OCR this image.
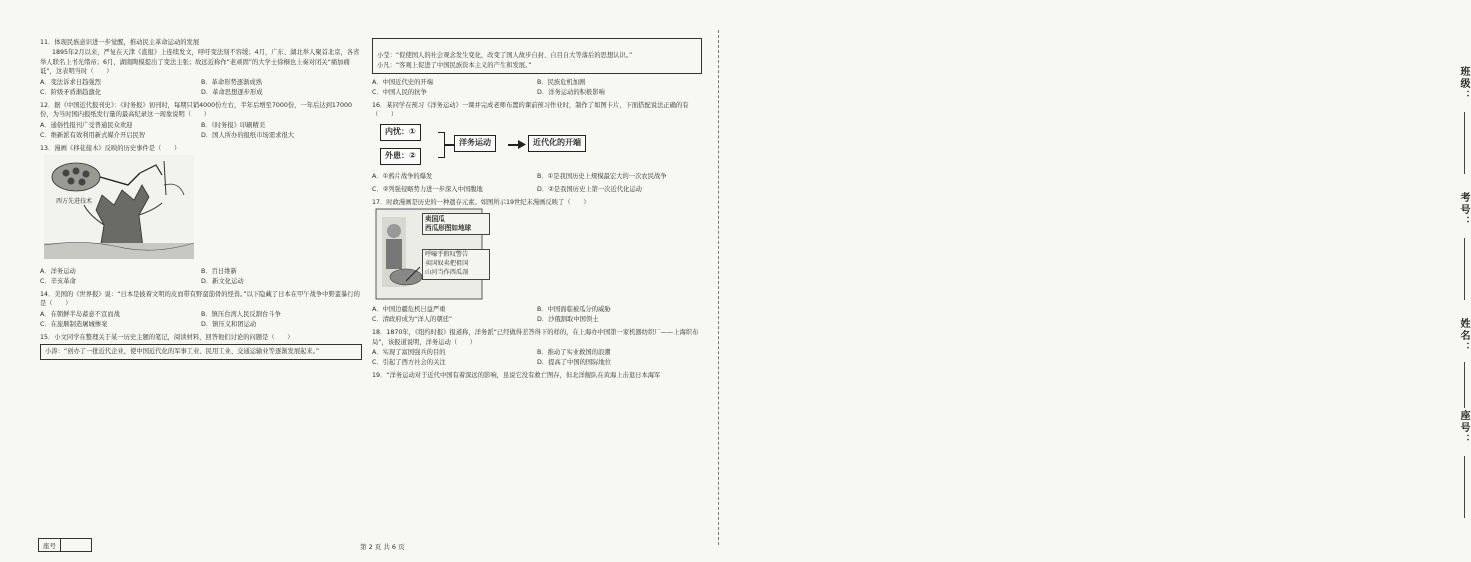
11．体现民族意识进一步觉醒，推动民主革命运动的发展

1895年2月以来，严复在天津《直报》上连续发文，呼吁变法刻不容缓；4月，广东、湖北举人聚首北京，各省举人联名上书光绪帝；6月，湖南陶模提出了变法主张；故远近称作“老顽固”的大学士徐桐也上奏对闭关“痛加痛诋”，这表明当时（　　）

A．变法诉求日趋强烈	B．革命形势逐渐成熟
C．阶级矛盾渐趋激化	D．革命思想逐步形成

12．据《中国近代报刊史》：《时务报》初刊时，每期只销4000份左右，半年后增至7000份，一年后达到17000份，为当时国内报纸发行量的最高纪录这一现象说明（　　）

A．通俗性报刊广受普通民众欢迎	B．《时务报》印刷精美
C．维新派有效利用新式媒介开启民智	D．国人所办的报纸市场需求很大

13．漫画《移花接木》反映的历史事件是（　　）

西方先进技术
A．洋务运动	B．百日维新
C．辛亥革命	D．新文化运动

14．美国的《世界报》说：“日本是披着文明的皮而带有野蛮筋骨的怪兽。”以下隐藏了日本在甲午战争中野蛮暴行的是（　　）

A．在朝鲜半岛蓄意不宣而战	B．镇压台湾人民反割台斗争
C．在旅顺制造屠城惨案	D．镇压义和团运动

15．小文同学在整理关于某一历史主题的笔记，阅读材料，回答他们讨论的问题是（　　）

小涛：“创办了一批近代企业，使中国近代化的军事工业、民用工业、交通运输业等逐渐发展起来。”

小莹：“促使国人的社会观念发生变化，改变了国人故步自封、自目自大等落后的思想认识。”
小凡：“客观上促进了中国民族资本主义的产生和发展。”

A．中国近代史的开端	B．民族危机加剧
C．中国人民的抗争	D．洋务运动的积极影响

16．某同学在预习《洋务运动》一课并完成老师布置的课前预习作业时，制作了如图卡片，下面搭配说法正确的有（　　）

内忧：①
外患：②
洋务运动	近代化的开端
A．①鸦片战争的爆发	B．①是我国历史上规模最宏大的一次农民战争
C．②列强侵略势力进一步深入中国腹地	D．②是我国历史上第一次近代化运动

17．时政漫画是历史的一种遗存元素。如图所示19世纪末漫画反映了（　　）

卖国瓜
西瓜形图如地球
呼嚎乎假叹警告
卖国奴卖把祖国
山河当作西瓜剖
A．中国边疆危机日益严重	B．中国面临被瓜分的威胁
C．清政府成为“洋人的朝廷”	D．沙俄割取中国领土

18．1870年，《纽约时报》报道称，洋务派“已经做得差答得下的样的，在上海办中国第一家机器纺织厂——上海织布局”，该报道说明，洋务运动（　　）

A．实现了富国强兵的目的	B．推动了实业救国的浪潮
C．引起了西方社会的关注	D．提高了中国的国际地位

19．“洋务运动对于近代中国有着深远的影响，虽说它没有救亡图存，但北洋舰队在黄海上击退日本海军

座号	第 2 页 共 6 页
班级：
考号：
姓名：
座号：
